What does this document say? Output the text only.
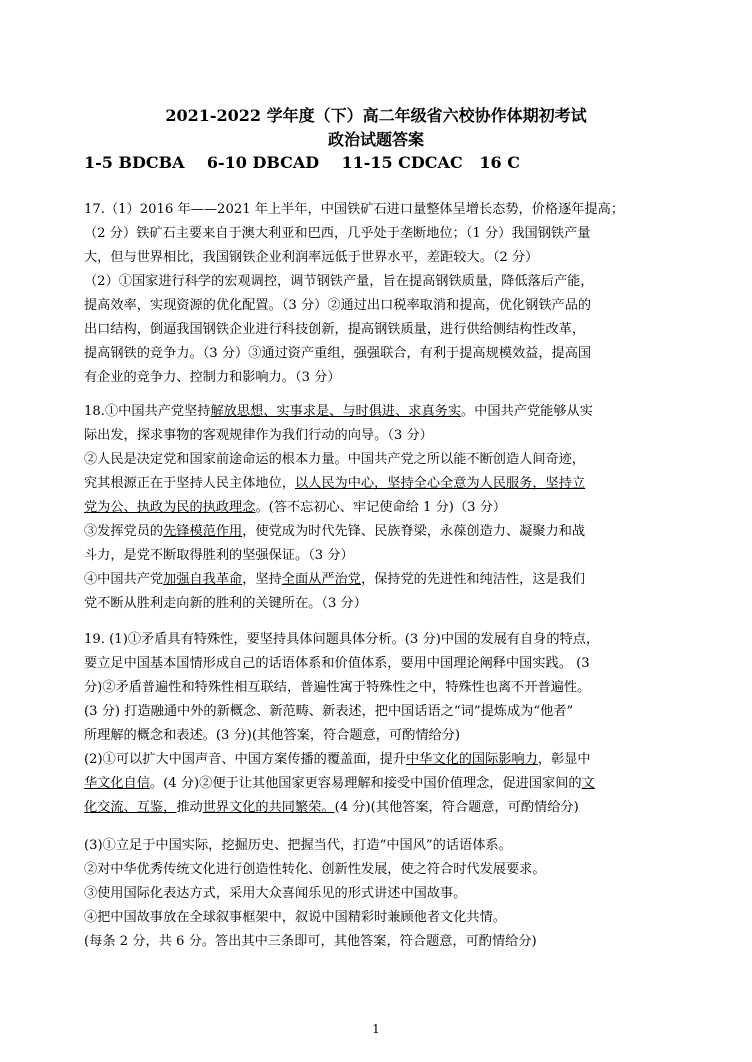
2021-2022 学年度（下）高二年级省六校协作体期初考试
政治试题答案
1-5 BDCBA 6-10 DBCAD 11-15 CDCAC 16 C

17.（1）2016 年——2021 年上半年，中国铁矿石进口量整体呈增长态势，价格逐年提高；

（2 分）铁矿石主要来自于澳大利亚和巴西，几乎处于垄断地位；（1 分）我国钢铁产量

大，但与世界相比，我国钢铁企业利润率远低于世界水平，差距较大。（2 分）

（2）①国家进行科学的宏观调控，调节钢铁产量，旨在提高钢铁质量，降低落后产能，

提高效率，实现资源的优化配置。（3 分）②通过出口税率取消和提高，优化钢铁产品的

出口结构，倒逼我国钢铁企业进行科技创新，提高钢铁质量，进行供给侧结构性改革，

提高钢铁的竞争力。（3 分）③通过资产重组，强强联合，有利于提高规模效益，提高国

有企业的竞争力、控制力和影响力。（3 分）

18.①中国共产党坚持解放思想、实事求是、与时俱进、求真务实。中国共产党能够从实

际出发，探求事物的客观规律作为我们行动的向导。（3 分）

②人民是决定党和国家前途命运的根本力量。中国共产党之所以能不断创造人间奇迹，

究其根源正在于坚持人民主体地位，以人民为中心，坚持全心全意为人民服务，坚持立

党为公、执政为民的执政理念。(答不忘初心、牢记使命给 1 分)（3 分）

③发挥党员的先锋模范作用，使党成为时代先锋、民族脊梁，永葆创造力、凝聚力和战

斗力，是党不断取得胜利的坚强保证。（3 分）

④中国共产党加强自我革命，坚持全面从严治党，保持党的先进性和纯洁性，这是我们

党不断从胜利走向新的胜利的关键所在。（3 分）

19. (1)①矛盾具有特殊性，要坚持具体问题具体分析。(3 分)中国的发展有自身的特点，

要立足中国基本国情形成自己的话语体系和价值体系，要用中国理论阐释中国实践。 (3

分)②矛盾普遍性和特殊性相互联结，普遍性寓于特殊性之中，特殊性也离不开普遍性。

(3 分) 打造融通中外的新概念、新范畴、新表述，把中国话语之“词”提炼成为“他者”

所理解的概念和表述。(3 分)(其他答案，符合题意，可酌情给分)

(2)①可以扩大中国声音、中国方案传播的覆盖面，提升中华文化的国际影响力，彰显中

华文化自信。(4 分)②便于让其他国家更容易理解和接受中国价值理念，促进国家间的文

化交流、互鉴，推动世界文化的共同繁荣。(4 分)(其他答案，符合题意，可酌情给分)

(3)①立足于中国实际，挖掘历史、把握当代，打造“中国风”的话语体系。

②对中华优秀传统文化进行创造性转化、创新性发展，使之符合时代发展要求。

③使用国际化表达方式，采用大众喜闻乐见的形式讲述中国故事。

④把中国故事放在全球叙事框架中，叙说中国精彩时兼顾他者文化共情。

(每条 2 分，共 6 分。答出其中三条即可，其他答案，符合题意，可酌情给分)

1
